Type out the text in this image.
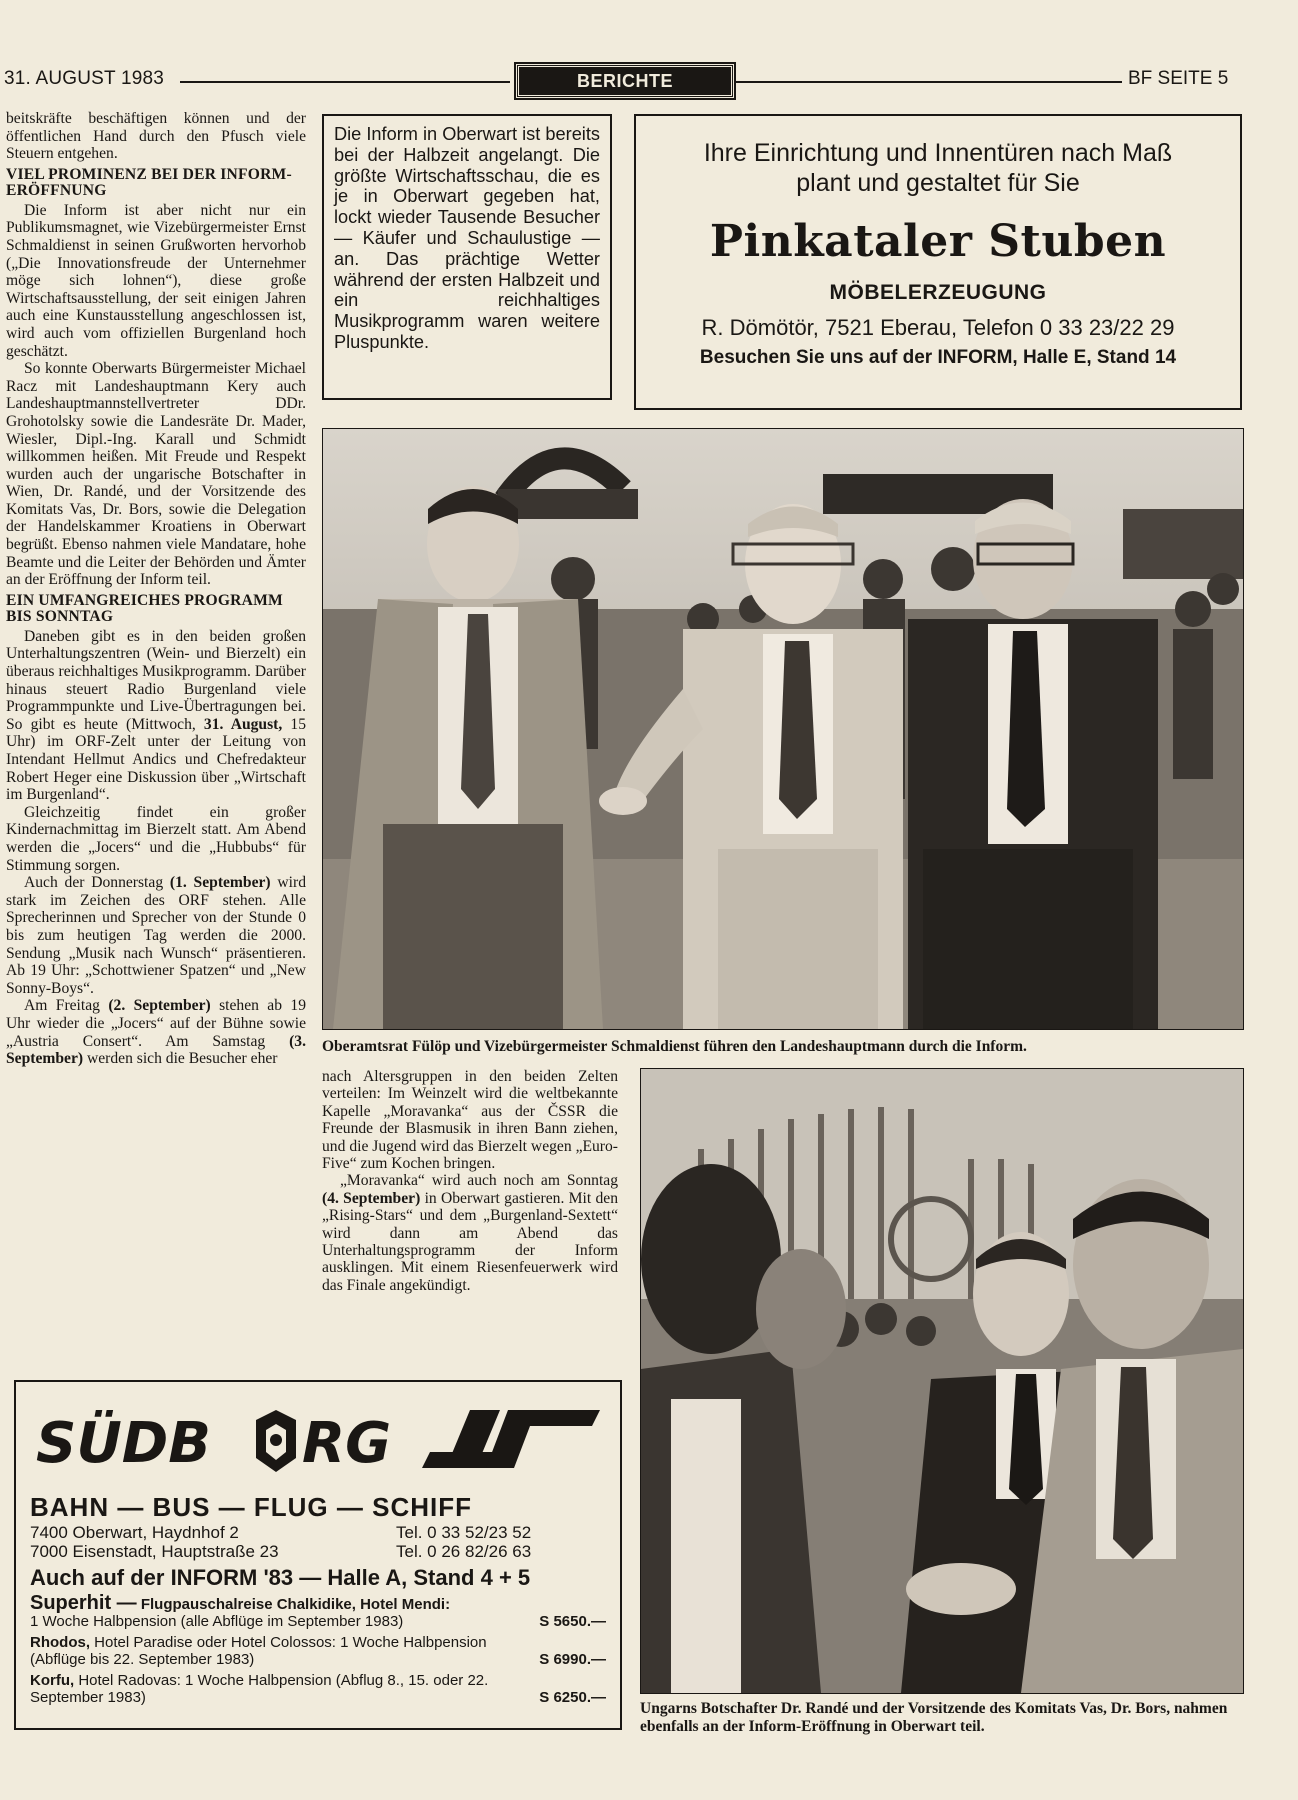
31. AUGUST 1983	BERICHTE	BF SEITE 5

beitskräfte beschäftigen können und der öffentlichen Hand durch den Pfusch viele Steuern entgehen.

VIEL PROMINENZ BEI DER INFORM-ERÖFFNUNG

Die Inform ist aber nicht nur ein Publikumsmagnet, wie Vizebürgermeister Ernst Schmaldienst in seinen Grußworten hervorhob („Die Innovationsfreude der Unternehmer möge sich lohnen“), diese große Wirtschaftsausstellung, der seit einigen Jahren auch eine Kunstausstellung angeschlossen ist, wird auch vom offiziellen Burgenland hoch geschätzt.

So konnte Oberwarts Bürgermeister Michael Racz mit Landeshauptmann Kery auch Landeshauptmannstellvertreter DDr. Grohotolsky sowie die Landesräte Dr. Mader, Wiesler, Dipl.-Ing. Karall und Schmidt willkommen heißen. Mit Freude und Respekt wurden auch der ungarische Botschafter in Wien, Dr. Randé, und der Vorsitzende des Komitats Vas, Dr. Bors, sowie die Delegation der Handelskammer Kroatiens in Oberwart begrüßt. Ebenso nahmen viele Mandatare, hohe Beamte und die Leiter der Behörden und Ämter an der Eröffnung der Inform teil.

EIN UMFANGREICHES PROGRAMM BIS SONNTAG

Daneben gibt es in den beiden großen Unterhaltungszentren (Wein- und Bierzelt) ein überaus reichhaltiges Musikprogramm. Darüber hinaus steuert Radio Burgenland viele Programmpunkte und Live-Übertragungen bei. So gibt es heute (Mittwoch, 31. August, 15 Uhr) im ORF-Zelt unter der Leitung von Intendant Hellmut Andics und Chefredakteur Robert Heger eine Diskussion über „Wirtschaft im Burgenland“.

Gleichzeitig findet ein großer Kindernachmittag im Bierzelt statt. Am Abend werden die „Jocers“ und die „Hubbubs“ für Stimmung sorgen.

Auch der Donnerstag (1. September) wird stark im Zeichen des ORF stehen. Alle Sprecherinnen und Sprecher von der Stunde 0 bis zum heutigen Tag werden die 2000. Sendung „Musik nach Wunsch“ präsentieren. Ab 19 Uhr: „Schottwiener Spatzen“ und „New Sonny-Boys“.

Am Freitag (2. September) stehen ab 19 Uhr wieder die „Jocers“ auf der Bühne sowie „Austria Consert“. Am Samstag (3. September) werden sich die Besucher eher

Die Inform in Oberwart ist bereits bei der Halbzeit angelangt. Die größte Wirtschaftsschau, die es je in Oberwart gegeben hat, lockt wieder Tausende Besucher — Käufer und Schaulustige — an. Das prächtige Wetter während der ersten Halbzeit und ein reichhaltiges Musikprogramm waren weitere Pluspunkte.
Ihre Einrichtung und Innentüren nach Maß
plant und gestaltet für Sie
Pinkataler Stuben
MÖBELERZEUGUNG
R. Dömötör, 7521 Eberau, Telefon 0 33 23/22 29
Besuchen Sie uns auf der INFORM, Halle E, Stand 14
Oberamtsrat Fülöp und Vizebürgermeister Schmaldienst führen den Landeshauptmann durch die Inform.

nach Altersgruppen in den beiden Zelten verteilen: Im Weinzelt wird die weltbekannte Kapelle „Moravanka“ aus der ČSSR die Freunde der Blasmusik in ihren Bann ziehen, und die Jugend wird das Bierzelt wegen „Euro-Five“ zum Kochen bringen.

„Moravanka“ wird auch noch am Sonntag (4. September) in Oberwart gastieren. Mit den „Rising-Stars“ und dem „Burgenland-Sextett“ wird dann am Abend das Unterhaltungsprogramm der Inform ausklingen. Mit einem Riesenfeuerwerk wird das Finale angekündigt.

Ungarns Botschafter Dr. Randé und der Vorsitzende des Komitats Vas, Dr. Bors, nahmen ebenfalls an der Inform-Eröffnung in Oberwart teil.
SÜDB RG
BAHN — BUS — FLUG — SCHIFF
7400 Oberwart, Haydnhof 2	Tel. 0 33 52/23 52
7000 Eisenstadt, Hauptstraße 23	Tel. 0 26 82/26 63
Auch auf der INFORM '83 — Halle A, Stand 4 + 5
Superhit — Flugpauschalreise Chalkidike, Hotel Mendi:
1 Woche Halbpension (alle Abflüge im September 1983)	S 5650.—
Rhodos, Hotel Paradise oder Hotel Colossos: 1 Woche Halbpension (Abflüge bis 22. September 1983)	S 6990.—
Korfu, Hotel Radovas: 1 Woche Halbpension (Abflug 8., 15. oder 22. September 1983)	S 6250.—
